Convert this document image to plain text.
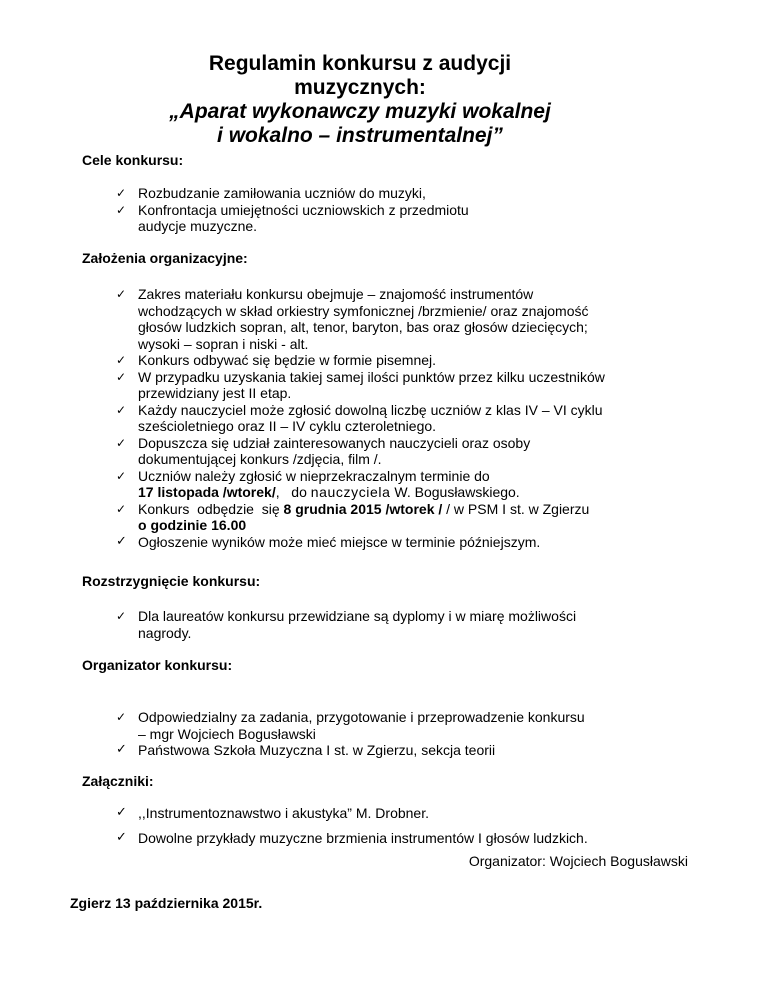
Regulamin konkursu z audycji
muzycznych:
„Aparat wykonawczy muzyki wokalnej
i wokalno – instrumentalnej”
Cele konkursu:
✓ Rozbudzanie zamiłowania uczniów do muzyki,
✓ Konfrontacja umiejętności uczniowskich z przedmiotu
audycje muzyczne.
Założenia organizacyjne:
✓ Zakres materiału konkursu obejmuje – znajomość instrumentów
wchodzących w skład orkiestry symfonicznej /brzmienie/ oraz znajomość
głosów ludzkich sopran, alt, tenor, baryton, bas oraz głosów dziecięcych;
wysoki – sopran i niski - alt.
✓ Konkurs odbywać się będzie w formie pisemnej.
✓ W przypadku uzyskania takiej samej ilości punktów przez kilku uczestników
przewidziany jest II etap.
✓ Każdy nauczyciel może zgłosić dowolną liczbę uczniów z klas IV – VI cyklu
sześcioletniego oraz II – IV cyklu czteroletniego.
✓ Dopuszcza się udział zainteresowanych nauczycieli oraz osoby
dokumentującej konkurs /zdjęcia, film /.
✓ Uczniów należy zgłosić w nieprzekraczalnym terminie do
17 listopada /wtorek/,   do nauczyciela W. Bogusławskiego.
✓ Konkurs  odbędzie  się 8 grudnia 2015 /wtorek / / w PSM I st. w Zgierzu
o godzinie 16.00
✓ Ogłoszenie wyników może mieć miejsce w terminie późniejszym.
Rozstrzygnięcie konkursu:
✓ Dla laureatów konkursu przewidziane są dyplomy i w miarę możliwości
nagrody.
Organizator konkursu:
✓ Odpowiedzialny za zadania, przygotowanie i przeprowadzenie konkursu
– mgr Wojciech Bogusławski
✓ Państwowa Szkoła Muzyczna I st. w Zgierzu, sekcja teorii
Załączniki:
✓ ,,Instrumentoznawstwo i akustyka” M. Drobner.
✓ Dowolne przykłady muzyczne brzmienia instrumentów I głosów ludzkich.
Organizator: Wojciech Bogusławski
Zgierz 13 października 2015r.
